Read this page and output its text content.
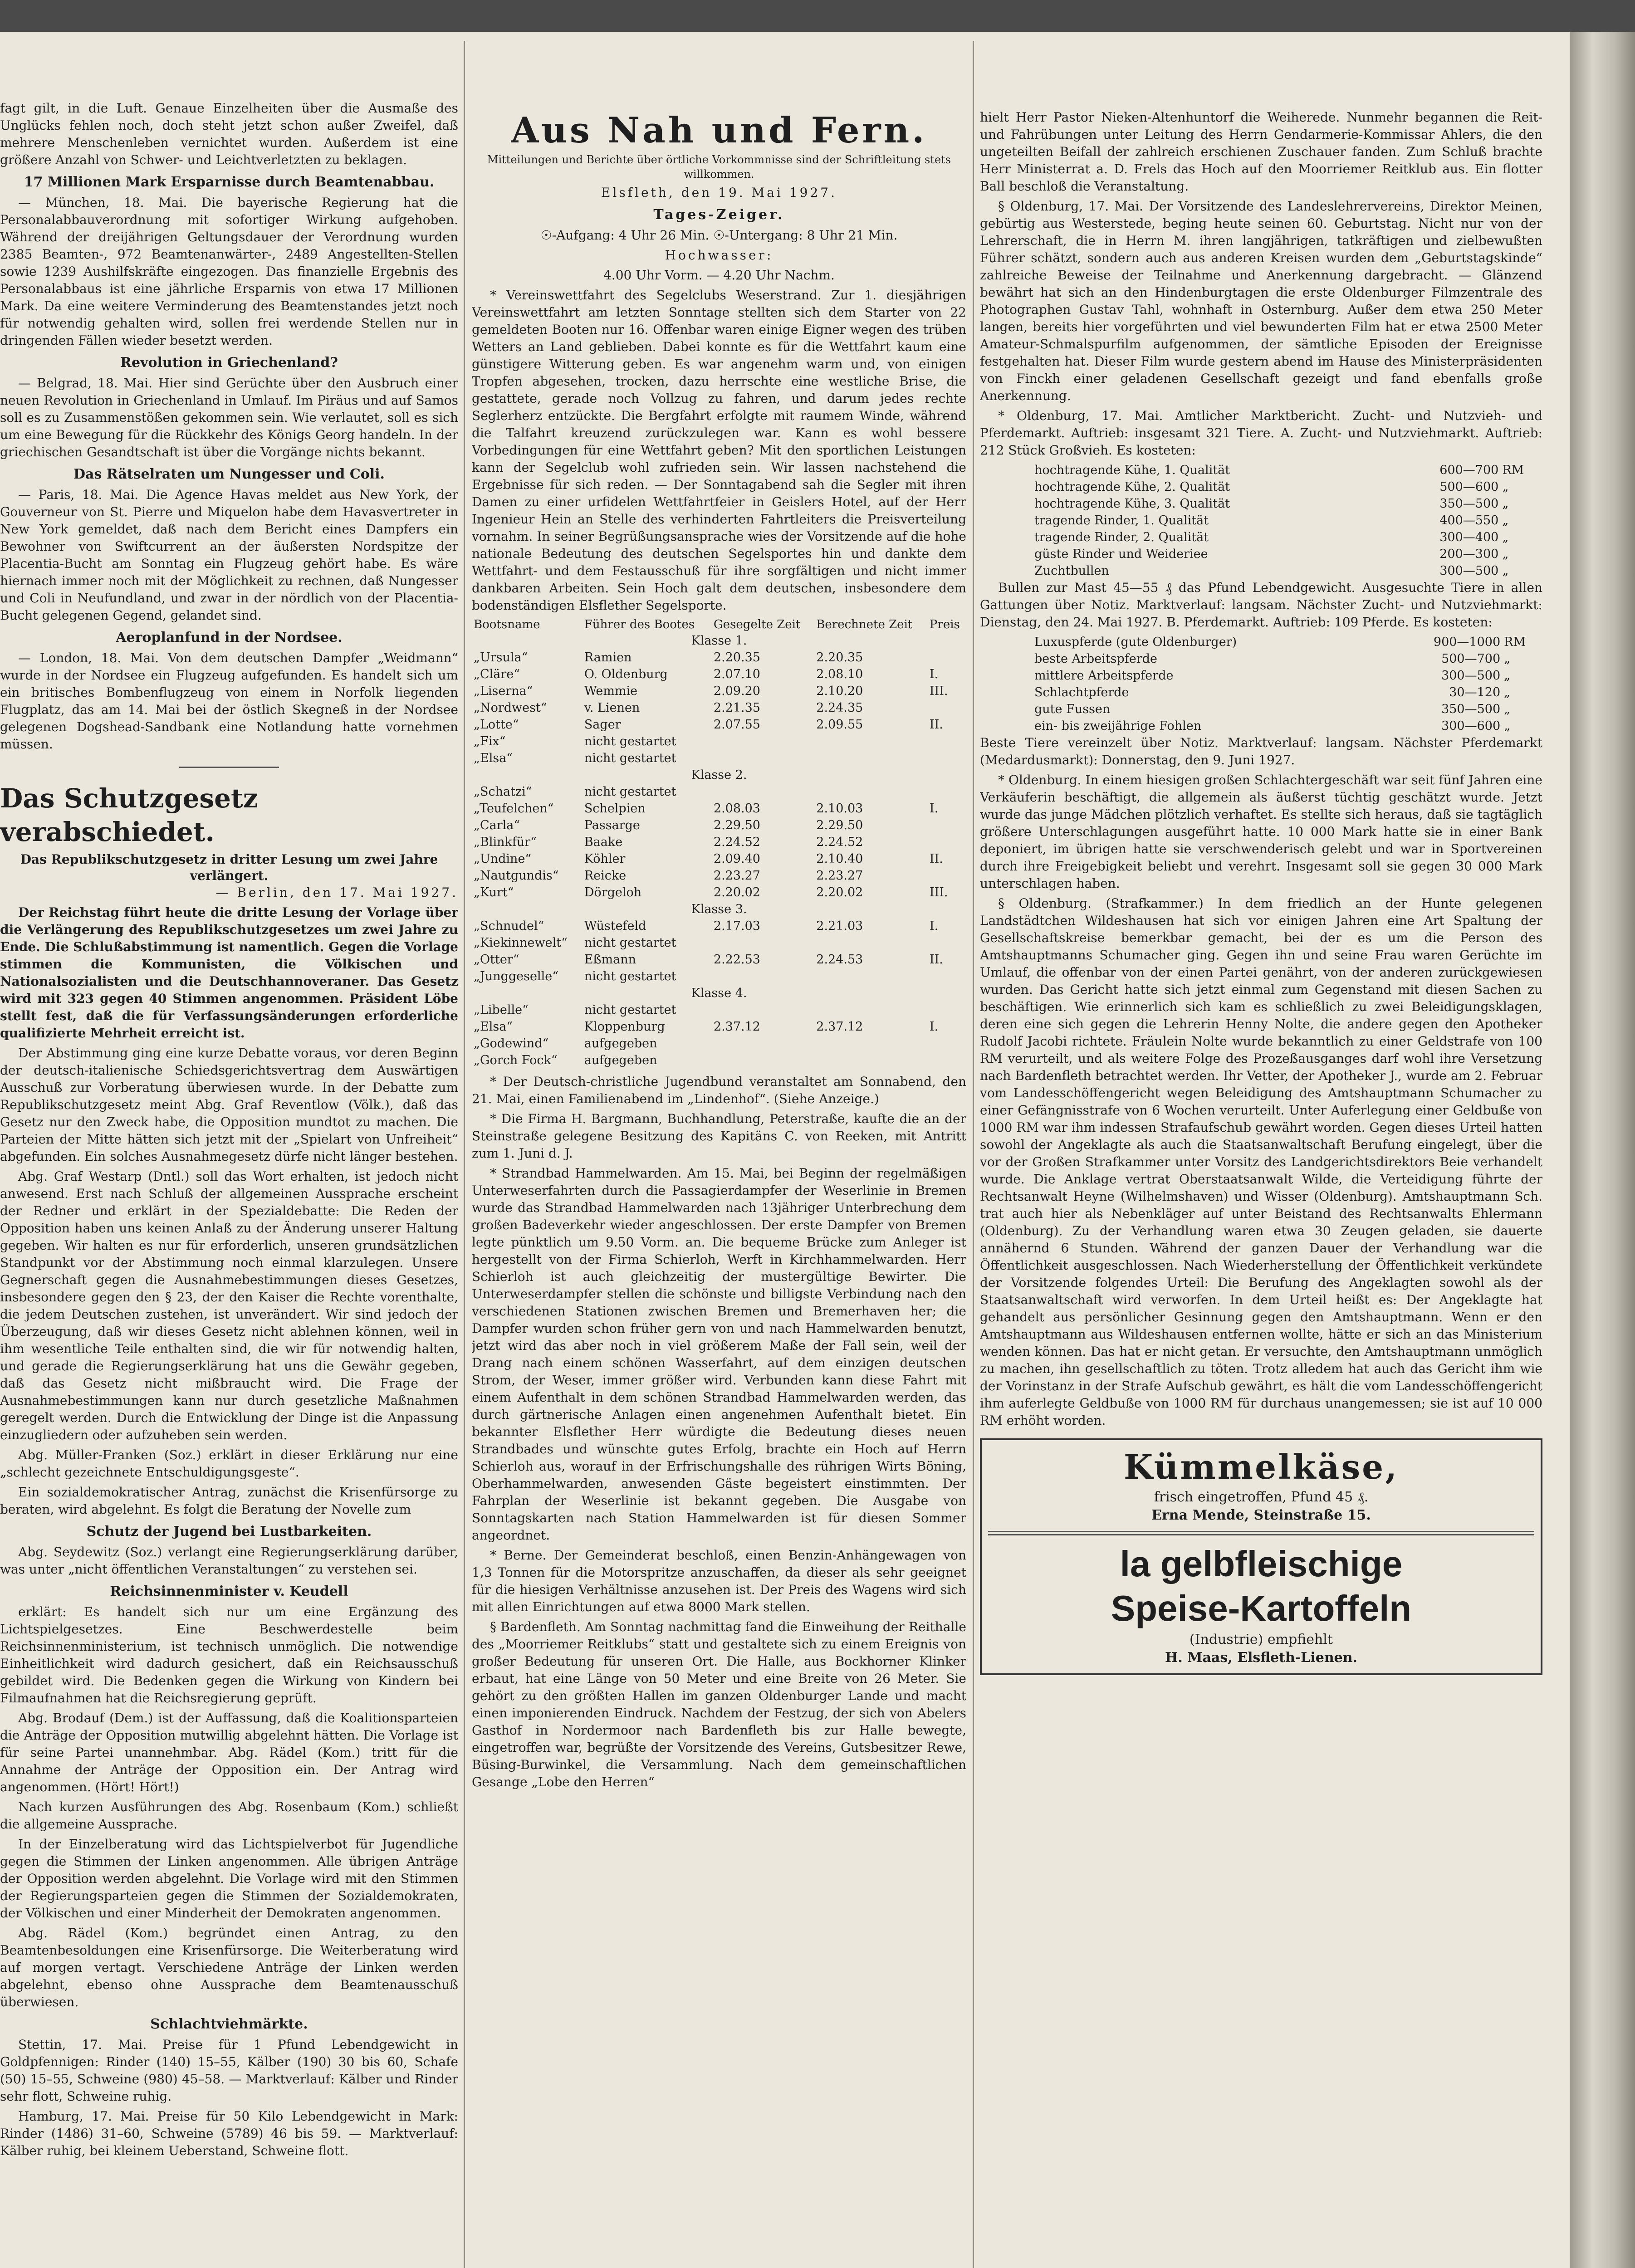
fagt gilt, in die Luft. Genaue Einzelheiten über die Ausmaße des Unglücks fehlen noch, doch steht jetzt schon außer Zweifel, daß mehrere Menschenleben vernichtet wurden. Außerdem ist eine größere Anzahl von Schwer- und Leichtverletzten zu beklagen.

17 Millionen Mark Ersparnisse durch Beamtenabbau.

— München, 18. Mai. Die bayerische Regierung hat die Personalabbauverordnung mit sofortiger Wirkung aufgehoben. Während der dreijährigen Geltungsdauer der Verordnung wurden 2385 Beamten-, 972 Beamtenanwärter-, 2489 Angestellten-Stellen sowie 1239 Aushilfskräfte eingezogen. Das finanzielle Ergebnis des Personalabbaus ist eine jährliche Ersparnis von etwa 17 Millionen Mark. Da eine weitere Verminderung des Beamtenstandes jetzt noch für notwendig gehalten wird, sollen frei werdende Stellen nur in dringenden Fällen wieder besetzt werden.

Revolution in Griechenland?

— Belgrad, 18. Mai. Hier sind Gerüchte über den Ausbruch einer neuen Revolution in Griechenland in Umlauf. Im Piräus und auf Samos soll es zu Zusammenstößen gekommen sein. Wie verlautet, soll es sich um eine Bewegung für die Rückkehr des Königs Georg handeln. In der griechischen Gesandtschaft ist über die Vorgänge nichts bekannt.

Das Rätselraten um Nungesser und Coli.

— Paris, 18. Mai. Die Agence Havas meldet aus New York, der Gouverneur von St. Pierre und Miquelon habe dem Havasvertreter in New York gemeldet, daß nach dem Bericht eines Dampfers ein Bewohner von Swiftcurrent an der äußersten Nordspitze der Placentia-Bucht am Sonntag ein Flugzeug gehört habe. Es wäre hiernach immer noch mit der Möglichkeit zu rechnen, daß Nungesser und Coli in Neufundland, und zwar in der nördlich von der Placentia-Bucht gelegenen Gegend, gelandet sind.

Aeroplanfund in der Nordsee.

— London, 18. Mai. Von dem deutschen Dampfer „Weidmann“ wurde in der Nordsee ein Flugzeug aufgefunden. Es handelt sich um ein britisches Bombenflugzeug von einem in Norfolk liegenden Flugplatz, das am 14. Mai bei der östlich Skegneß in der Nordsee gelegenen Dogshead-Sandbank eine Notlandung hatte vornehmen müssen.

Das Schutzgesetz verabschiedet.
Das Republikschutzgesetz in dritter Lesung um zwei Jahre verlängert.

— Berlin, den 17. Mai 1927.

Der Reichstag führt heute die dritte Lesung der Vorlage über die Verlängerung des Republikschutzgesetzes um zwei Jahre zu Ende. Die Schlußabstimmung ist namentlich. Gegen die Vorlage stimmen die Kommunisten, die Völkischen und Nationalsozialisten und die Deutschhannoveraner. Das Gesetz wird mit 323 gegen 40 Stimmen angenommen. Präsident Löbe stellt fest, daß die für Verfassungsänderungen erforderliche qualifizierte Mehrheit erreicht ist.

Der Abstimmung ging eine kurze Debatte voraus, vor deren Beginn der deutsch-italienische Schiedsgerichtsvertrag dem Auswärtigen Ausschuß zur Vorberatung überwiesen wurde. In der Debatte zum Republikschutzgesetz meint Abg. Graf Reventlow (Völk.), daß das Gesetz nur den Zweck habe, die Opposition mundtot zu machen. Die Parteien der Mitte hätten sich jetzt mit der „Spielart von Unfreiheit“ abgefunden. Ein solches Ausnahmegesetz dürfe nicht länger bestehen.

Abg. Graf Westarp (Dntl.) soll das Wort erhalten, ist jedoch nicht anwesend. Erst nach Schluß der allgemeinen Aussprache erscheint der Redner und erklärt in der Spezialdebatte: Die Reden der Opposition haben uns keinen Anlaß zu der Änderung unserer Haltung gegeben. Wir halten es nur für erforderlich, unseren grundsätzlichen Standpunkt vor der Abstimmung noch einmal klarzulegen. Unsere Gegnerschaft gegen die Ausnahmebestimmungen dieses Gesetzes, insbesondere gegen den § 23, der den Kaiser die Rechte vorenthalte, die jedem Deutschen zustehen, ist unverändert. Wir sind jedoch der Überzeugung, daß wir dieses Gesetz nicht ablehnen können, weil in ihm wesentliche Teile enthalten sind, die wir für notwendig halten, und gerade die Regierungserklärung hat uns die Gewähr gegeben, daß das Gesetz nicht mißbraucht wird. Die Frage der Ausnahmebestimmungen kann nur durch gesetzliche Maßnahmen geregelt werden. Durch die Entwicklung der Dinge ist die Anpassung einzugliedern oder aufzuheben sein werden.

Abg. Müller-Franken (Soz.) erklärt in dieser Erklärung nur eine „schlecht gezeichnete Entschuldigungsgeste“.

Ein sozialdemokratischer Antrag, zunächst die Krisenfürsorge zu beraten, wird abgelehnt. Es folgt die Beratung der Novelle zum

Schutz der Jugend bei Lustbarkeiten.

Abg. Seydewitz (Soz.) verlangt eine Regierungserklärung darüber, was unter „nicht öffentlichen Veranstaltungen“ zu verstehen sei.

Reichsinnenminister v. Keudell

erklärt: Es handelt sich nur um eine Ergänzung des Lichtspielgesetzes. Eine Beschwerdestelle beim Reichsinnenministerium, ist technisch unmöglich. Die notwendige Einheitlichkeit wird dadurch gesichert, daß ein Reichsausschuß gebildet wird. Die Bedenken gegen die Wirkung von Kindern bei Filmaufnahmen hat die Reichsregierung geprüft.

Abg. Brodauf (Dem.) ist der Auffassung, daß die Koalitionsparteien die Anträge der Opposition mutwillig abgelehnt hätten. Die Vorlage ist für seine Partei unannehmbar. Abg. Rädel (Kom.) tritt für die Annahme der Anträge der Opposition ein. Der Antrag wird angenommen. (Hört! Hört!)

Nach kurzen Ausführungen des Abg. Rosenbaum (Kom.) schließt die allgemeine Aussprache.

In der Einzelberatung wird das Lichtspielverbot für Jugendliche gegen die Stimmen der Linken angenommen. Alle übrigen Anträge der Opposition werden abgelehnt. Die Vorlage wird mit den Stimmen der Regierungsparteien gegen die Stimmen der Sozialdemokraten, der Völkischen und einer Minderheit der Demokraten angenommen.

Abg. Rädel (Kom.) begründet einen Antrag, zu den Beamtenbesoldungen eine Krisenfürsorge. Die Weiterberatung wird auf morgen vertagt. Verschiedene Anträge der Linken werden abgelehnt, ebenso ohne Aussprache dem Beamtenausschuß überwiesen.

Schlachtviehmärkte.

Stettin, 17. Mai. Preise für 1 Pfund Lebendgewicht in Goldpfennigen: Rinder (140) 15–55, Kälber (190) 30 bis 60, Schafe (50) 15–55, Schweine (980) 45–58. — Marktverlauf: Kälber und Rinder sehr flott, Schweine ruhig.

Hamburg, 17. Mai. Preise für 50 Kilo Lebendgewicht in Mark: Rinder (1486) 31–60, Schweine (5789) 46 bis 59. — Marktverlauf: Kälber ruhig, bei kleinem Ueberstand, Schweine flott.

Aus Nah und Fern.
Mitteilungen und Berichte über örtliche Vorkommnisse sind der Schriftleitung stets willkommen.

Elsfleth, den 19. Mai 1927.

Tages-Zeiger.

☉-Aufgang: 4 Uhr 26 Min. ☉-Untergang: 8 Uhr 21 Min.

Hochwasser:

4.00 Uhr Vorm. — 4.20 Uhr Nachm.

* Vereinswettfahrt des Segelclubs Weserstrand. Zur 1. diesjährigen Vereinswettfahrt am letzten Sonntage stellten sich dem Starter von 22 gemeldeten Booten nur 16. Offenbar waren einige Eigner wegen des trüben Wetters an Land geblieben. Dabei konnte es für die Wettfahrt kaum eine günstigere Witterung geben. Es war angenehm warm und, von einigen Tropfen abgesehen, trocken, dazu herrschte eine westliche Brise, die gestattete, gerade noch Vollzug zu fahren, und darum jedes rechte Seglerherz entzückte. Die Bergfahrt erfolgte mit raumem Winde, während die Talfahrt kreuzend zurückzulegen war. Kann es wohl bessere Vorbedingungen für eine Wettfahrt geben? Mit den sportlichen Leistungen kann der Segelclub wohl zufrieden sein. Wir lassen nachstehend die Ergebnisse für sich reden. — Der Sonntagabend sah die Segler mit ihren Damen zu einer urfidelen Wettfahrtfeier in Geislers Hotel, auf der Herr Ingenieur Hein an Stelle des verhinderten Fahrtleiters die Preisverteilung vornahm. In seiner Begrüßungsansprache wies der Vorsitzende auf die hohe nationale Bedeutung des deutschen Segelsportes hin und dankte dem Wettfahrt- und dem Festausschuß für ihre sorgfältigen und nicht immer dankbaren Arbeiten. Sein Hoch galt dem deutschen, insbesondere dem bodenständigen Elsflether Segelsporte.

Bootsname	Führer des Bootes	Gesegelte Zeit	Berechnete Zeit	Preis
Klasse 1.				
„Ursula“	Ramien	2.20.35	2.20.35	
„Cläre“	O. Oldenburg	2.07.10	2.08.10	I.
„Liserna“	Wemmie	2.09.20	2.10.20	III.
„Nordwest“	v. Lienen	2.21.35	2.24.35	
„Lotte“	Sager	2.07.55	2.09.55	II.
„Fix“	nicht gestartet			
„Elsa“	nicht gestartet			
Klasse 2.				
„Schatzi“	nicht gestartet			
„Teufelchen“	Schelpien	2.08.03	2.10.03	I.
„Carla“	Passarge	2.29.50	2.29.50	
„Blinkfür“	Baake	2.24.52	2.24.52	
„Undine“	Köhler	2.09.40	2.10.40	II.
„Nautgundis“	Reicke	2.23.27	2.23.27	
„Kurt“	Dörgeloh	2.20.02	2.20.02	III.
Klasse 3.				
„Schnudel“	Wüstefeld	2.17.03	2.21.03	I.
„Kiekinnewelt“	nicht gestartet			
„Otter“	Eßmann	2.22.53	2.24.53	II.
„Junggeselle“	nicht gestartet			
Klasse 4.				
„Libelle“	nicht gestartet			
„Elsa“	Kloppenburg	2.37.12	2.37.12	I.
„Godewind“	aufgegeben			
„Gorch Fock“	aufgegeben			

* Der Deutsch-christliche Jugendbund veranstaltet am Sonnabend, den 21. Mai, einen Familienabend im „Lindenhof“. (Siehe Anzeige.)

* Die Firma H. Bargmann, Buchhandlung, Peterstraße, kaufte die an der Steinstraße gelegene Besitzung des Kapitäns C. von Reeken, mit Antritt zum 1. Juni d. J.

* Strandbad Hammelwarden. Am 15. Mai, bei Beginn der regelmäßigen Unterweserfahrten durch die Passagierdampfer der Weserlinie in Bremen wurde das Strandbad Hammelwarden nach 13jähriger Unterbrechung dem großen Badeverkehr wieder angeschlossen. Der erste Dampfer von Bremen legte pünktlich um 9.50 Vorm. an. Die bequeme Brücke zum Anleger ist hergestellt von der Firma Schierloh, Werft in Kirchhammelwarden. Herr Schierloh ist auch gleichzeitig der mustergültige Bewirter. Die Unterweserdampfer stellen die schönste und billigste Verbindung nach den verschiedenen Stationen zwischen Bremen und Bremerhaven her; die Dampfer wurden schon früher gern von und nach Hammelwarden benutzt, jetzt wird das aber noch in viel größerem Maße der Fall sein, weil der Drang nach einem schönen Wasserfahrt, auf dem einzigen deutschen Strom, der Weser, immer größer wird. Verbunden kann diese Fahrt mit einem Aufenthalt in dem schönen Strandbad Hammelwarden werden, das durch gärtnerische Anlagen einen angenehmen Aufenthalt bietet. Ein bekannter Elsflether Herr würdigte die Bedeutung dieses neuen Strandbades und wünschte gutes Erfolg, brachte ein Hoch auf Herrn Schierloh aus, worauf in der Erfrischungshalle des rührigen Wirts Böning, Oberhammelwarden, anwesenden Gäste begeistert einstimmten. Der Fahrplan der Weserlinie ist bekannt gegeben. Die Ausgabe von Sonntagskarten nach Station Hammelwarden ist für diesen Sommer angeordnet.

* Berne. Der Gemeinderat beschloß, einen Benzin-Anhängewagen von 1,3 Tonnen für die Motorspritze anzuschaffen, da dieser als sehr geeignet für die hiesigen Verhältnisse anzusehen ist. Der Preis des Wagens wird sich mit allen Einrichtungen auf etwa 8000 Mark stellen.

§ Bardenfleth. Am Sonntag nachmittag fand die Einweihung der Reithalle des „Moorriemer Reitklubs“ statt und gestaltete sich zu einem Ereignis von großer Bedeutung für unseren Ort. Die Halle, aus Bockhorner Klinker erbaut, hat eine Länge von 50 Meter und eine Breite von 26 Meter. Sie gehört zu den größten Hallen im ganzen Oldenburger Lande und macht einen imponierenden Eindruck. Nachdem der Festzug, der sich von Abelers Gasthof in Nordermoor nach Bardenfleth bis zur Halle bewegte, eingetroffen war, begrüßte der Vorsitzende des Vereins, Gutsbesitzer Rewe, Büsing-Burwinkel, die Versammlung. Nach dem gemeinschaftlichen Gesange „Lobe den Herren“

hielt Herr Pastor Nieken-Altenhuntorf die Weiherede. Nunmehr begannen die Reit- und Fahrübungen unter Leitung des Herrn Gendarmerie-Kommissar Ahlers, die den ungeteilten Beifall der zahlreich erschienen Zuschauer fanden. Zum Schluß brachte Herr Ministerrat a. D. Frels das Hoch auf den Moorriemer Reitklub aus. Ein flotter Ball beschloß die Veranstaltung.

§ Oldenburg, 17. Mai. Der Vorsitzende des Landeslehrervereins, Direktor Meinen, gebürtig aus Westerstede, beging heute seinen 60. Geburtstag. Nicht nur von der Lehrerschaft, die in Herrn M. ihren langjährigen, tatkräftigen und zielbewußten Führer schätzt, sondern auch aus anderen Kreisen wurden dem „Geburtstagskinde“ zahlreiche Beweise der Teilnahme und Anerkennung dargebracht. — Glänzend bewährt hat sich an den Hindenburgtagen die erste Oldenburger Filmzentrale des Photographen Gustav Tahl, wohnhaft in Osternburg. Außer dem etwa 250 Meter langen, bereits hier vorgeführten und viel bewunderten Film hat er etwa 2500 Meter Amateur-Schmalspurfilm aufgenommen, der sämtliche Episoden der Ereignisse festgehalten hat. Dieser Film wurde gestern abend im Hause des Ministerpräsidenten von Finckh einer geladenen Gesellschaft gezeigt und fand ebenfalls große Anerkennung.

* Oldenburg, 17. Mai. Amtlicher Marktbericht. Zucht- und Nutzvieh- und Pferdemarkt. Auftrieb: insgesamt 321 Tiere. A. Zucht- und Nutzviehmarkt. Auftrieb: 212 Stück Großvieh. Es kosteten:

hochtragende Kühe, 1. Qualität	600—700	RM
hochtragende Kühe, 2. Qualität	500—600	„
hochtragende Kühe, 3. Qualität	350—500	„
tragende Rinder, 1. Qualität	400—550	„
tragende Rinder, 2. Qualität	300—400	„
güste Rinder und Weideriee	200—300	„
Zuchtbullen	300—500	„

Bullen zur Mast 45—55 ₰ das Pfund Lebendgewicht. Ausgesuchte Tiere in allen Gattungen über Notiz. Marktverlauf: langsam. Nächster Zucht- und Nutzviehmarkt: Dienstag, den 24. Mai 1927. B. Pferdemarkt. Auftrieb: 109 Pferde. Es kosteten:

Luxuspferde (gute Oldenburger)	900—1000	RM
beste Arbeitspferde	500—700	„
mittlere Arbeitspferde	300—500	„
Schlachtpferde	30—120	„
gute Fussen	350—500	„
ein- bis zweijährige Fohlen	300—600	„

Beste Tiere vereinzelt über Notiz. Marktverlauf: langsam. Nächster Pferdemarkt (Medardusmarkt): Donnerstag, den 9. Juni 1927.

* Oldenburg. In einem hiesigen großen Schlachtergeschäft war seit fünf Jahren eine Verkäuferin beschäftigt, die allgemein als äußerst tüchtig geschätzt wurde. Jetzt wurde das junge Mädchen plötzlich verhaftet. Es stellte sich heraus, daß sie tagtäglich größere Unterschlagungen ausgeführt hatte. 10 000 Mark hatte sie in einer Bank deponiert, im übrigen hatte sie verschwenderisch gelebt und war in Sportvereinen durch ihre Freigebigkeit beliebt und verehrt. Insgesamt soll sie gegen 30 000 Mark unterschlagen haben.

§ Oldenburg. (Strafkammer.) In dem friedlich an der Hunte gelegenen Landstädtchen Wildeshausen hat sich vor einigen Jahren eine Art Spaltung der Gesellschaftskreise bemerkbar gemacht, bei der es um die Person des Amtshauptmanns Schumacher ging. Gegen ihn und seine Frau waren Gerüchte im Umlauf, die offenbar von der einen Partei genährt, von der anderen zurückgewiesen wurden. Das Gericht hatte sich jetzt einmal zum Gegenstand mit diesen Sachen zu beschäftigen. Wie erinnerlich sich kam es schließlich zu zwei Beleidigungsklagen, deren eine sich gegen die Lehrerin Henny Nolte, die andere gegen den Apotheker Rudolf Jacobi richtete. Fräulein Nolte wurde bekanntlich zu einer Geldstrafe von 100 RM verurteilt, und als weitere Folge des Prozeßausganges darf wohl ihre Versetzung nach Bardenfleth betrachtet werden. Ihr Vetter, der Apotheker J., wurde am 2. Februar vom Landesschöffengericht wegen Beleidigung des Amtshauptmann Schumacher zu einer Gefängnisstrafe von 6 Wochen verurteilt. Unter Auferlegung einer Geldbuße von 1000 RM war ihm indessen Strafaufschub gewährt worden. Gegen dieses Urteil hatten sowohl der Angeklagte als auch die Staatsanwaltschaft Berufung eingelegt, über die vor der Großen Strafkammer unter Vorsitz des Landgerichtsdirektors Beie verhandelt wurde. Die Anklage vertrat Oberstaatsanwalt Wilde, die Verteidigung führte der Rechtsanwalt Heyne (Wilhelmshaven) und Wisser (Oldenburg). Amtshauptmann Sch. trat auch hier als Nebenkläger auf unter Beistand des Rechtsanwalts Ehlermann (Oldenburg). Zu der Verhandlung waren etwa 30 Zeugen geladen, sie dauerte annähernd 6 Stunden. Während der ganzen Dauer der Verhandlung war die Öffentlichkeit ausgeschlossen. Nach Wiederherstellung der Öffentlichkeit verkündete der Vorsitzende folgendes Urteil: Die Berufung des Angeklagten sowohl als der Staatsanwaltschaft wird verworfen. In dem Urteil heißt es: Der Angeklagte hat gehandelt aus persönlicher Gesinnung gegen den Amtshauptmann. Wenn er den Amtshauptmann aus Wildeshausen entfernen wollte, hätte er sich an das Ministerium wenden können. Das hat er nicht getan. Er versuchte, den Amtshauptmann unmöglich zu machen, ihn gesellschaftlich zu töten. Trotz alledem hat auch das Gericht ihm wie der Vorinstanz in der Strafe Aufschub gewährt, es hält die vom Landesschöffengericht ihm auferlegte Geldbuße von 1000 RM für durchaus unangemessen; sie ist auf 10 000 RM erhöht worden.

Kümmelkäse,
frisch eingetroffen, Pfund 45 ₰.
Erna Mende, Steinstraße 15.
la gelbfleischige
Speise-Kartoffeln
(Industrie) empfiehlt
H. Maas, Elsfleth-Lienen.
